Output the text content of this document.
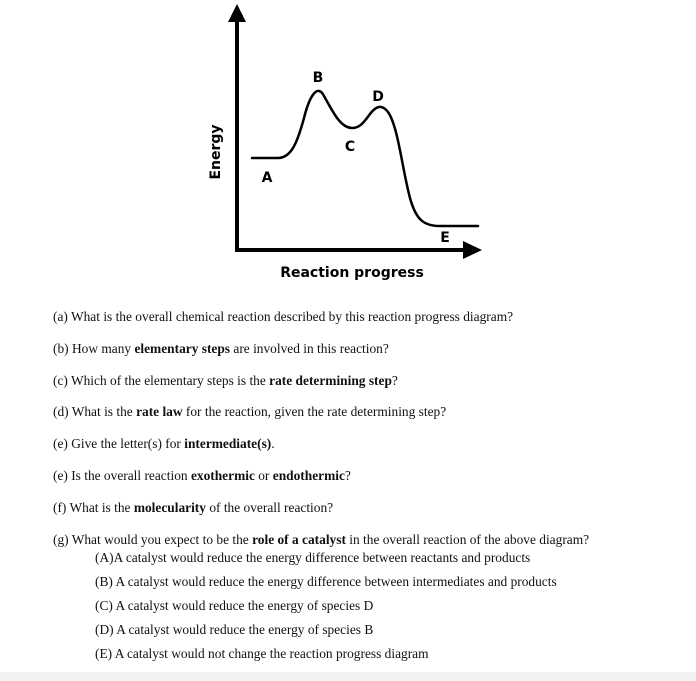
Energy
Reaction progress
A
B
C
D
E
(a) What is the overall chemical reaction described by this reaction progress diagram?
(b) How many elementary steps are involved in this reaction?
(c) Which of the elementary steps is the rate determining step?
(d) What is the rate law for the reaction, given the rate determining step?
(e) Give the letter(s) for intermediate(s).
(e) Is the overall reaction exothermic or endothermic?
(f) What is the molecularity of the overall reaction?
(g) What would you expect to be the role of a catalyst in the overall reaction of the above diagram?
(A)A catalyst would reduce the energy difference between reactants and products
(B) A catalyst would reduce the energy difference between intermediates and products
(C) A catalyst would reduce the energy of species D
(D) A catalyst would reduce the energy of species B
(E) A catalyst would not change the reaction progress diagram
